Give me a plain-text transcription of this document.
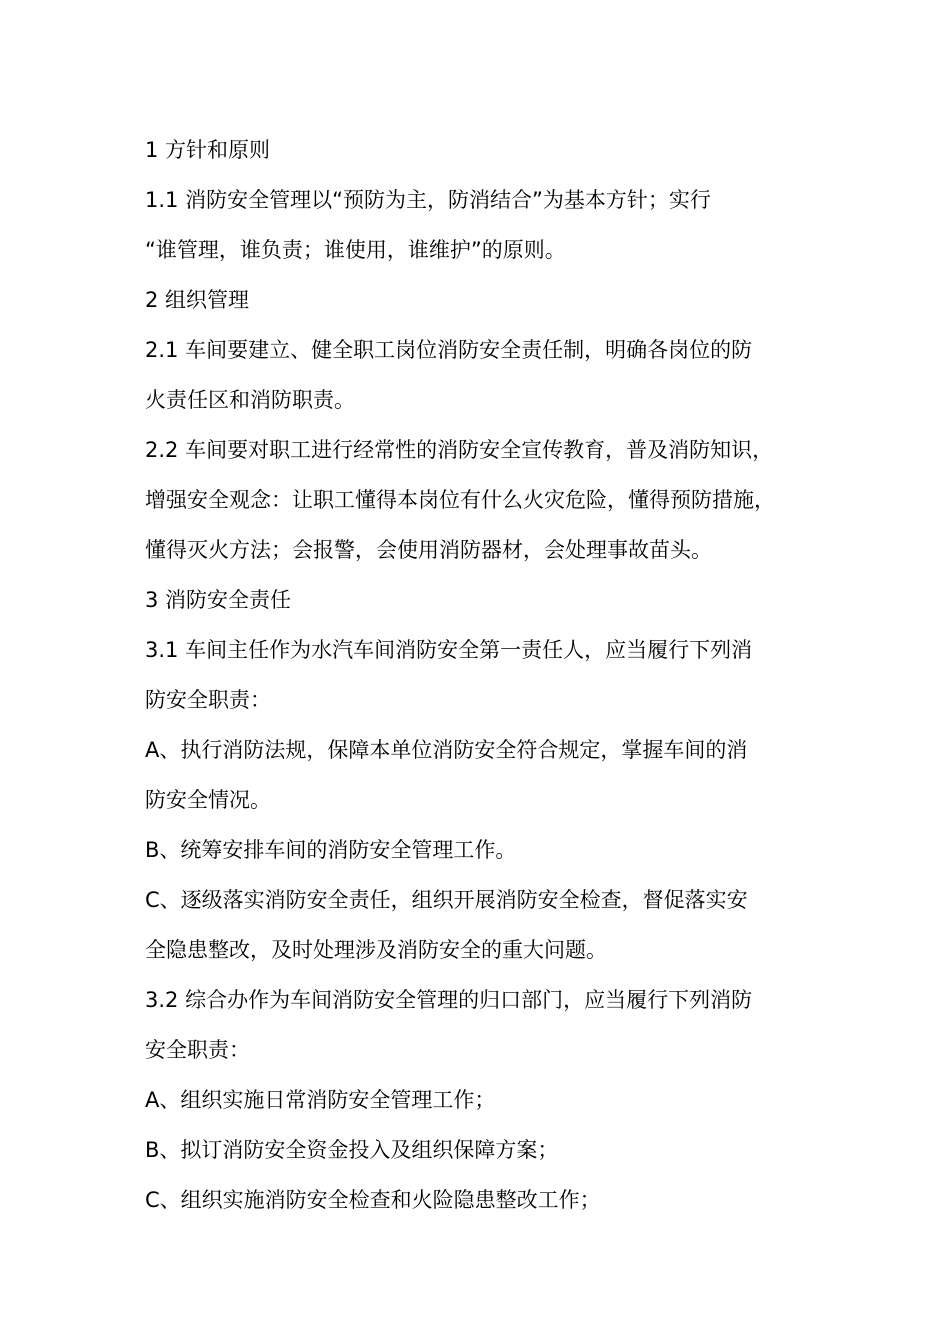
1 方针和原则

1.1 消防安全管理以“预防为主，防消结合”为基本方针；实行

“谁管理，谁负责；谁使用，谁维护”的原则。

2 组织管理

2.1 车间要建立、健全职工岗位消防安全责任制，明确各岗位的防

火责任区和消防职责。

2.2 车间要对职工进行经常性的消防安全宣传教育，普及消防知识，

增强安全观念：让职工懂得本岗位有什么火灾危险，懂得预防措施，

懂得灭火方法；会报警，会使用消防器材，会处理事故苗头。

3 消防安全责任

3.1 车间主任作为水汽车间消防安全第一责任人，应当履行下列消

防安全职责：

A、执行消防法规，保障本单位消防安全符合规定，掌握车间的消

防安全情况。

B、统筹安排车间的消防安全管理工作。

C、逐级落实消防安全责任，组织开展消防安全检查，督促落实安

全隐患整改，及时处理涉及消防安全的重大问题。

3.2 综合办作为车间消防安全管理的归口部门，应当履行下列消防

安全职责：

A、组织实施日常消防安全管理工作；

B、拟订消防安全资金投入及组织保障方案；

C、组织实施消防安全检查和火险隐患整改工作；
